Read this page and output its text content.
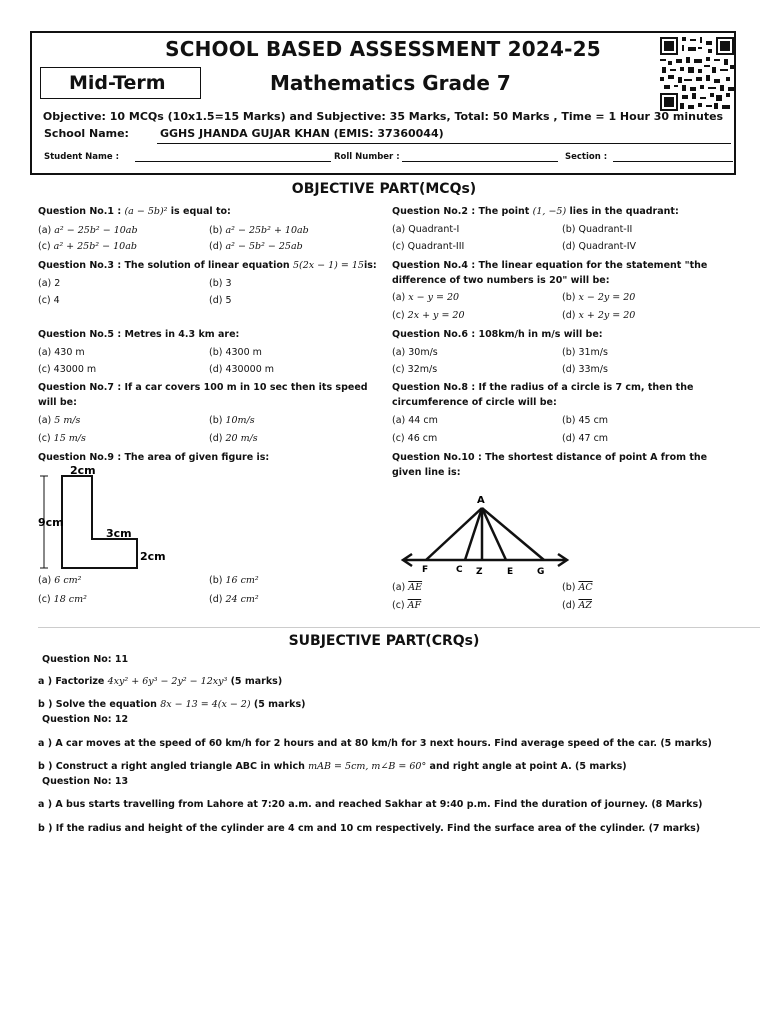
SCHOOL BASED ASSESSMENT 2024-25
Mid-Term	Mathematics Grade 7
Objective: 10 MCQs (10x1.5=15 Marks) and Subjective: 35 Marks, Total: 50 Marks , Time = 1 Hour 30 minutes
School Name:	GGHS JHANDA GUJAR KHAN (EMIS: 37360044)
Student Name :	Roll Number :	Section :
OBJECTIVE PART(MCQs)
Question No.1 : (a − 5b)² is equal to:
(a) a² − 25b² − 10ab	(b) a² − 25b² + 10ab
(c) a² + 25b² − 10ab	(d) a² − 5b² − 25ab
Question No.2 : The point (1, −5) lies in the quadrant:
(a) Quadrant-I	(b) Quadrant-II
(c) Quadrant-III	(d) Quadrant-IV
Question No.3 : The solution of linear equation 5(2x − 1) = 15is:
(a) 2	(b) 3
(c) 4	(d) 5
Question No.4 : The linear equation for the statement "the difference of two numbers is 20" will be:
(a) x − y = 20	(b) x − 2y = 20
(c) 2x + y = 20	(d) x + 2y = 20
Question No.5 : Metres in 4.3 km are:
(a) 430 m	(b) 4300 m
(c) 43000 m	(d) 430000 m
Question No.6 : 108km/h in m/s will be:
(a) 30m/s	(b) 31m/s
(c) 32m/s	(d) 33m/s
Question No.7 : If a car covers 100 m in 10 sec then its speed will be:
(a) 5 m/s	(b) 10m/s
(c) 15 m/s	(d) 20 m/s
Question No.8 : If the radius of a circle is 7 cm, then the circumference of circle will be:
(a) 44 cm	(b) 45 cm
(c) 46 cm	(d) 47 cm
Question No.9 : The area of given figure is:
2cm
9cm
3cm
2cm
(a) 6 cm²	(b) 16 cm²
(c) 18 cm²	(d) 24 cm²
Question No.10 : The shortest distance of point A from the given line is:
A
F	C Z	E	G
(a) $\overline{AE}$	(b) $\overline{AC}$
(c) $\overline{AF}$	(d) $\overline{AZ}$
SUBJECTIVE PART(CRQs)
Question No: 11
a ) Factorize 4xy² + 6y³ − 2y² − 12xy³ (5 marks)
b ) Solve the equation 8x − 13 = 4(x − 2) (5 marks)
Question No: 12
a ) A car moves at the speed of 60 km/h for 2 hours and at 80 km/h for 3 next hours. Find average speed of the car. (5 marks)
b ) Construct a right angled triangle ABC in which mAB = 5cm, m∠B = 60° and right angle at point A. (5 marks)
Question No: 13
a ) A bus starts travelling from Lahore at 7:20 a.m. and reached Sakhar at 9:40 p.m. Find the duration of journey. (8 Marks)
b ) If the radius and height of the cylinder are 4 cm and 10 cm respectively. Find the surface area of the cylinder. (7 marks)
